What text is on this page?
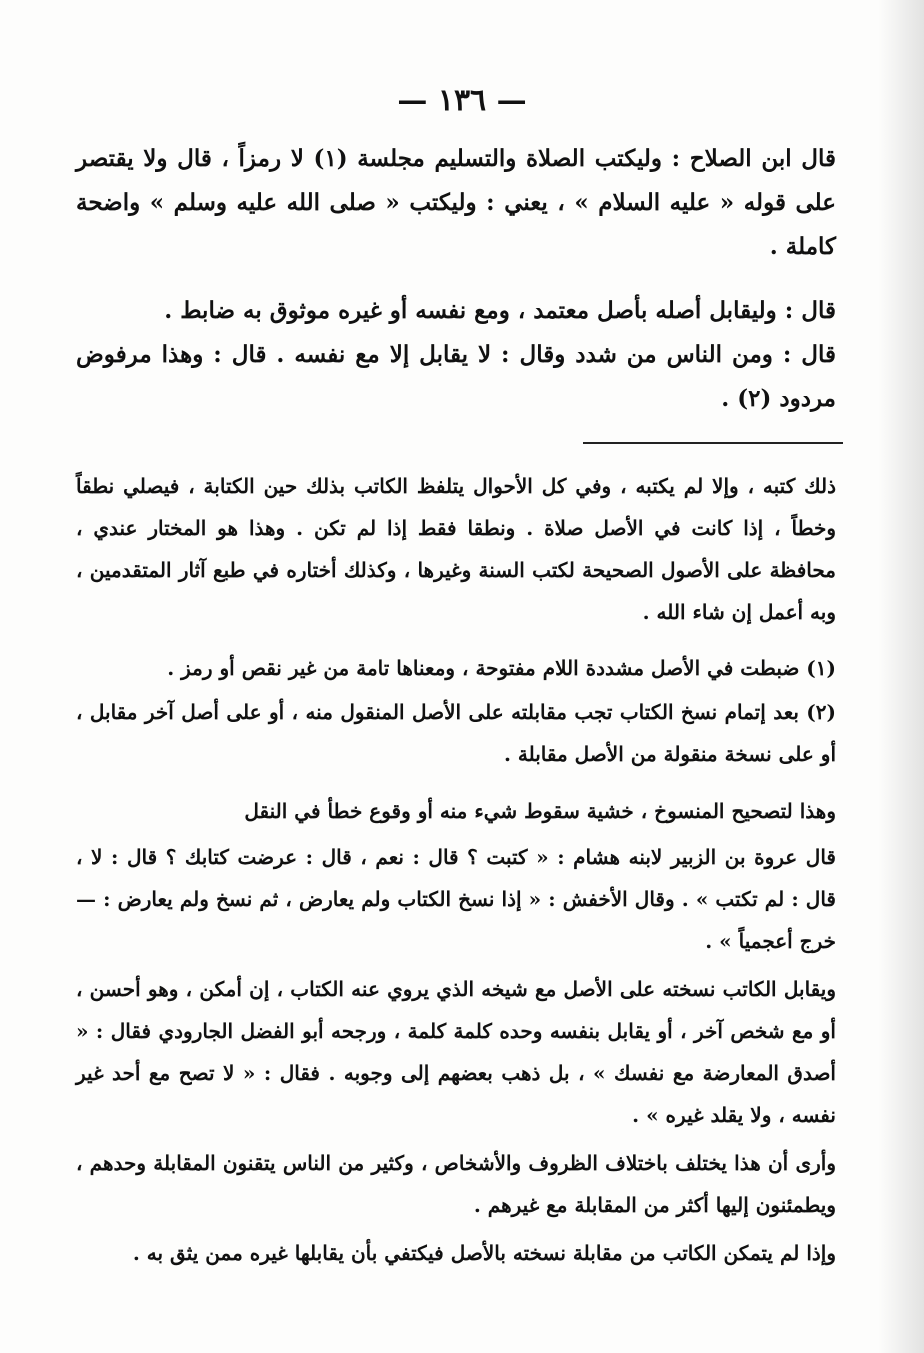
— ١٣٦ —

قال ابن الصلاح : وليكتب الصلاة والتسليم مجلسة (١) لا رمزاً ، قال ولا يقتصر على قوله « عليه السلام » ، يعني : وليكتب « صلى الله عليه وسلم » واضحة كاملة .

قال : وليقابل أصله بأصل معتمد ، ومع نفسه أو غيره موثوق به ضابط .

قال : ومن الناس من شدد وقال : لا يقابل إلا مع نفسه . قال : وهذا مرفوض مردود (٢) .

ذلك كتبه ، وإلا لم يكتبه ، وفي كل الأحوال يتلفظ الكاتب بذلك حين الكتابة ، فيصلي نطقاً وخطاً ، إذا كانت في الأصل صلاة . ونطقا فقط إذا لم تكن . وهذا هو المختار عندي ، محافظة على الأصول الصحيحة لكتب السنة وغيرها ، وكذلك أختاره في طبع آثار المتقدمين ، وبه أعمل إن شاء الله .

(١) ضبطت في الأصل مشددة اللام مفتوحة ، ومعناها تامة من غير نقص أو رمز .

(٢) بعد إتمام نسخ الكتاب تجب مقابلته على الأصل المنقول منه ، أو على أصل آخر مقابل ، أو على نسخة منقولة من الأصل مقابلة .

وهذا لتصحيح المنسوخ ، خشية سقوط شيء منه أو وقوع خطأ في النقل

قال عروة بن الزبير لابنه هشام : « كتبت ؟ قال : نعم ، قال : عرضت كتابك ؟ قال : لا ، قال : لم تكتب » . وقال الأخفش : « إذا نسخ الكتاب ولم يعارض ، ثم نسخ ولم يعارض : — خرج أعجمياً » .

ويقابل الكاتب نسخته على الأصل مع شيخه الذي يروي عنه الكتاب ، إن أمكن ، وهو أحسن ، أو مع شخص آخر ، أو يقابل بنفسه وحده كلمة كلمة ، ورجحه أبو الفضل الجارودي فقال : « أصدق المعارضة مع نفسك » ، بل ذهب بعضهم إلى وجوبه . فقال : « لا تصح مع أحد غير نفسه ، ولا يقلد غيره » .

وأرى أن هذا يختلف باختلاف الظروف والأشخاص ، وكثير من الناس يتقنون المقابلة وحدهم ، ويطمئنون إليها أكثر من المقابلة مع غيرهم .

وإذا لم يتمكن الكاتب من مقابلة نسخته بالأصل فيكتفي بأن يقابلها غيره ممن يثق به .
